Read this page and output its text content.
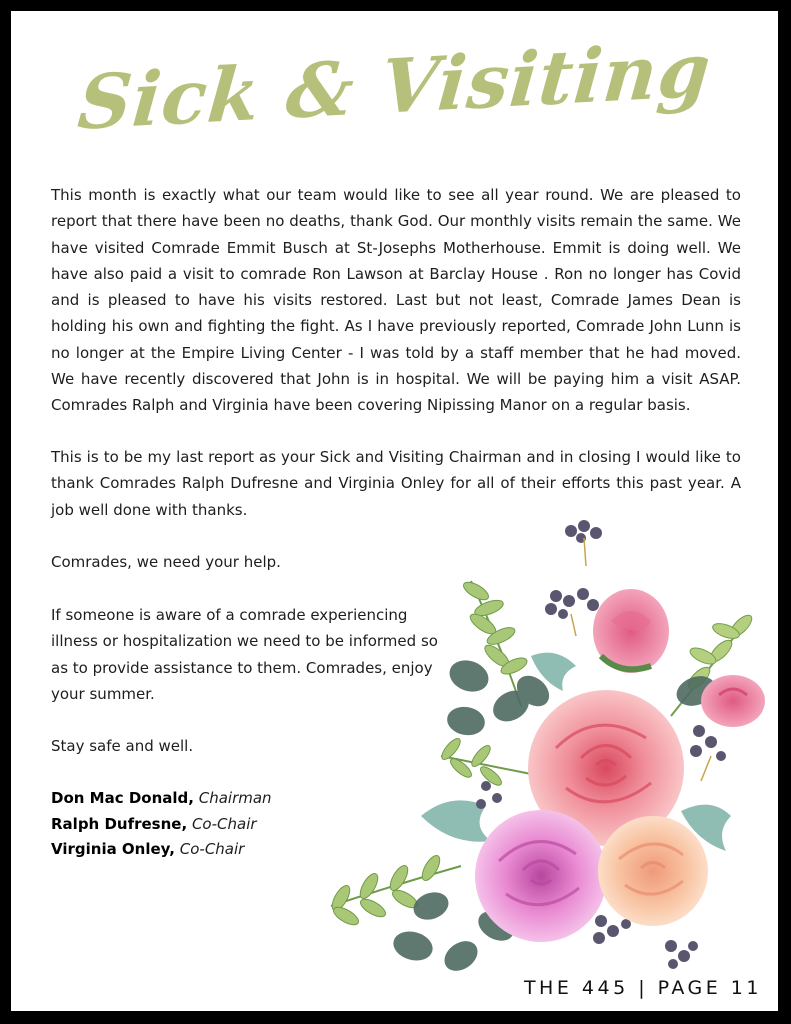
Sick & Visiting

This month is exactly what our team would like to see all year round. We are pleased to report that there have been no deaths, thank God. Our monthly visits remain the same. We have visited Comrade Emmit Busch at St-Josephs Motherhouse. Emmit is doing well. We have also paid a visit to comrade Ron Lawson at Barclay House . Ron no longer has Covid and is pleased to have his visits restored. Last but not least, Comrade James Dean is holding his own and fighting the fight. As I have previously reported, Comrade John Lunn is no longer at the Empire Living Center - I was told by a staff member that he had moved. We have recently discovered that John is in hospital. We will be paying him a visit ASAP. Comrades Ralph and Virginia have been covering Nipissing Manor on a regular basis.

This is to be my last report as your Sick and Visiting Chairman and in closing I would like to thank Comrades Ralph Dufresne and Virginia Onley for all of their efforts this past year. A job well done with thanks.

Comrades, we need your help.

If someone is aware of a comrade experiencing illness or hospitalization we need to be informed so as to provide assistance to them. Comrades, enjoy your summer.

Stay safe and well.

Don Mac Donald, Chairman
Ralph Dufresne, Co-Chair
Virginia Onley, Co-Chair
THE 445 | PAGE 11
